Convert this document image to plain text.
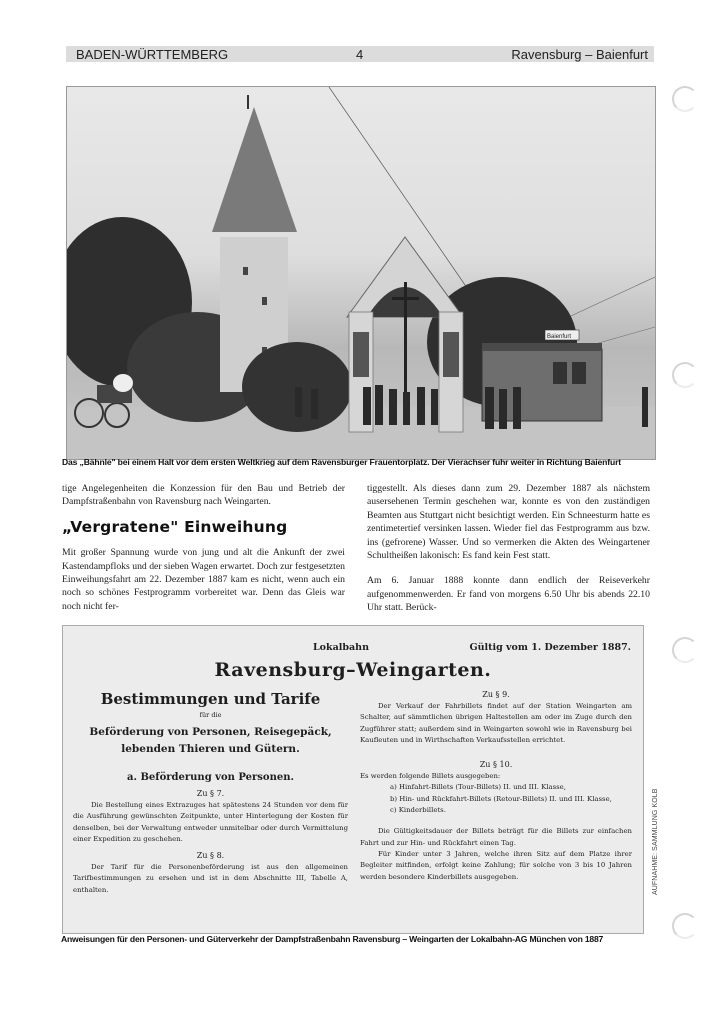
BADEN-WÜRTTEMBERG	4	Ravensburg – Baienfurt
Baienfurt
Das „Bähnle" bei einem Halt vor dem ersten Weltkrieg auf dem Ravensburger Frauentorplatz. Der Vierachser fuhr weiter in Richtung Baienfurt

tige Angelegenheiten die Konzession für den Bau und Betrieb der Dampfstraßenbahn von Ravensburg nach Weingarten.

„Vergratene" Einweihung

Mit großer Spannung wurde von jung und alt die Ankunft der zwei Kastendampfloks und der sieben Wagen erwartet. Doch zur festgesetzten Einweihungsfahrt am 22. Dezember 1887 kam es nicht, wenn auch ein noch so schönes Festprogramm vorbereitet war. Denn das Gleis war noch nicht fer-

tiggestellt. Als dieses dann zum 29. Dezember 1887 als nächstem ausersehenen Termin geschehen war, konnte es von den zuständigen Beamten aus Stuttgart nicht besichtigt werden. Ein Schneesturm hatte es zentimetertief versinken lassen. Wieder fiel das Festprogramm aus bzw. ins (gefrorene) Wasser. Und so vermerken die Akten des Weingartener Schultheißen lakonisch: Es fand kein Fest statt.

Am 6. Januar 1888 konnte dann endlich der Reiseverkehr aufgenommenwerden. Er fand von morgens 6.50 Uhr bis abends 22.10 Uhr statt. Berück-

Lokalbahn	Gültig vom 1. Dezember 1887.
Ravensburg–Weingarten.
Bestimmungen und Tarife
für die
Beförderung von Personen, Reisegepäck,
lebenden Thieren und Gütern.
a. Beförderung von Personen.
Zu § 7.

Die Bestellung eines Extrazuges hat spätestens 24 Stunden vor dem für die Ausführung gewünschten Zeitpunkte, unter Hinterlegung der Kosten für denselben, bei der Verwaltung entweder unmitelbar oder durch Vermittelung einer Expedition zu geschehen.

Zu § 8.

Der Tarif für die Personenbeförderung ist aus den allgemeinen Tarifbestimmungen zu ersehen und ist in dem Abschnitte III, Tabelle A, enthalten.

Zu § 9.

Der Verkauf der Fahrbillets findet auf der Station Weingarten am Schalter, auf sämmtlichen übrigen Haltestellen am oder im Zuge durch den Zugführer statt; außerdem sind in Weingarten sowohl wie in Ravensburg bei Kaufleuten und in Wirthschaften Verkaufsstellen errichtet.

Zu § 10.

Es werden folgende Billets ausgegeben:

a) Hinfahrt-Billets (Tour-Billets) II. und III. Klasse,
b) Hin- und Rückfahrt-Billets (Retour-Billets) II. und III. Klasse,
c) Kinderbillets.

Die Gültigkeitsdauer der Billets beträgt für die Billets zur einfachen Fahrt und zur Hin- und Rückfahrt einen Tag.

Für Kinder unter 3 Jahren, welche ihren Sitz auf dem Platze ihrer Begleiter mitfinden, erfolgt keine Zahlung; für solche von 3 bis 10 Jahren werden besondere Kinderbillets ausgegeben.

Anweisungen für den Personen- und Güterverkehr der Dampfstraßenbahn Ravensburg – Weingarten der Lokalbahn-AG München von 1887
AUFNAHME: SAMMLUNG KOLB
